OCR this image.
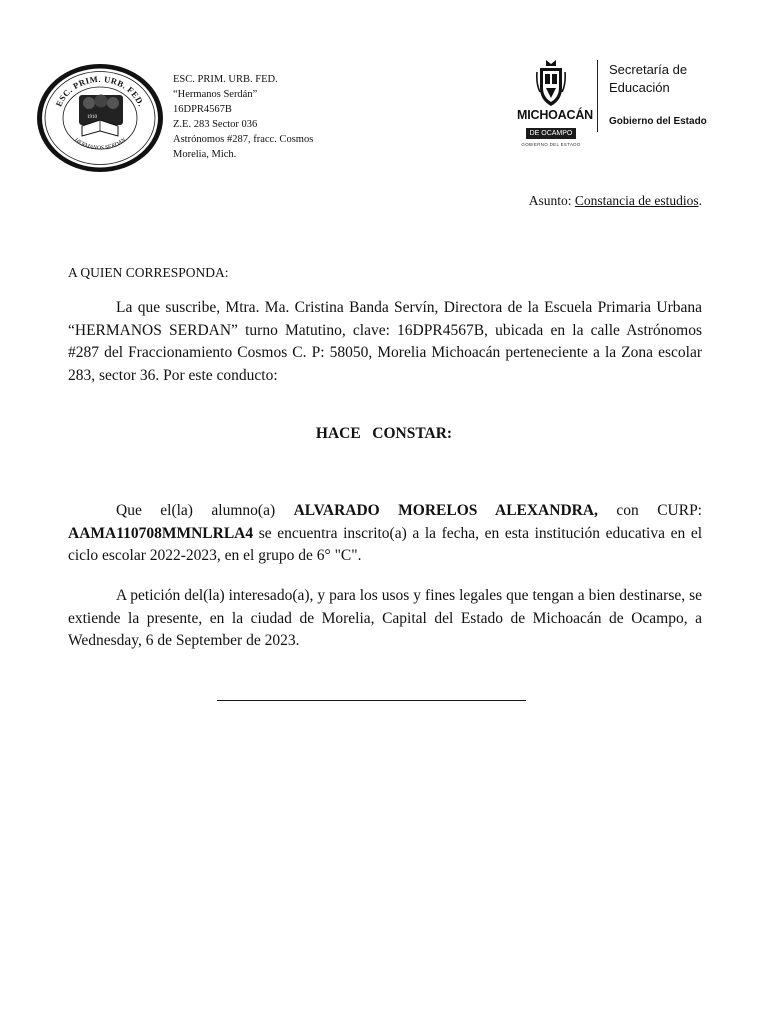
ESC. PRIM. URB. FED.
HERMANOS SERDAN
1910
ESC. PRIM. URB. FED.
“Hermanos Serdán”
16DPR4567B
Z.E. 283 Sector 036
Astrónomos #287, fracc. Cosmos
Morelia, Mich.
MICHOACÁN
DE OCAMPO
GOBIERNO DEL ESTADO
Secretaría de
Educación
Gobierno del Estado
Asunto: Constancia de estudios.
A QUIEN CORRESPONDA:
La que suscribe, Mtra. Ma. Cristina Banda Servín, Directora de la Escuela Primaria Urbana “HERMANOS SERDAN” turno Matutino, clave: 16DPR4567B, ubicada en la calle Astrónomos #287 del Fraccionamiento Cosmos C. P: 58050, Morelia Michoacán perteneciente a la Zona escolar 283, sector 36. Por este conducto:
HACE   CONSTAR:
Que el(la) alumno(a) ALVARADO MORELOS ALEXANDRA, con CURP: AAMA110708MMNLRLA4 se encuentra inscrito(a) a la fecha, en esta institución educativa en el ciclo escolar 2022-2023, en el grupo de 6° "C".
A petición del(la) interesado(a), y para los usos y fines legales que tengan a bien destinarse, se extiende la presente, en la ciudad de Morelia, Capital del Estado de Michoacán de Ocampo, a Wednesday, 6 de September de 2023.
